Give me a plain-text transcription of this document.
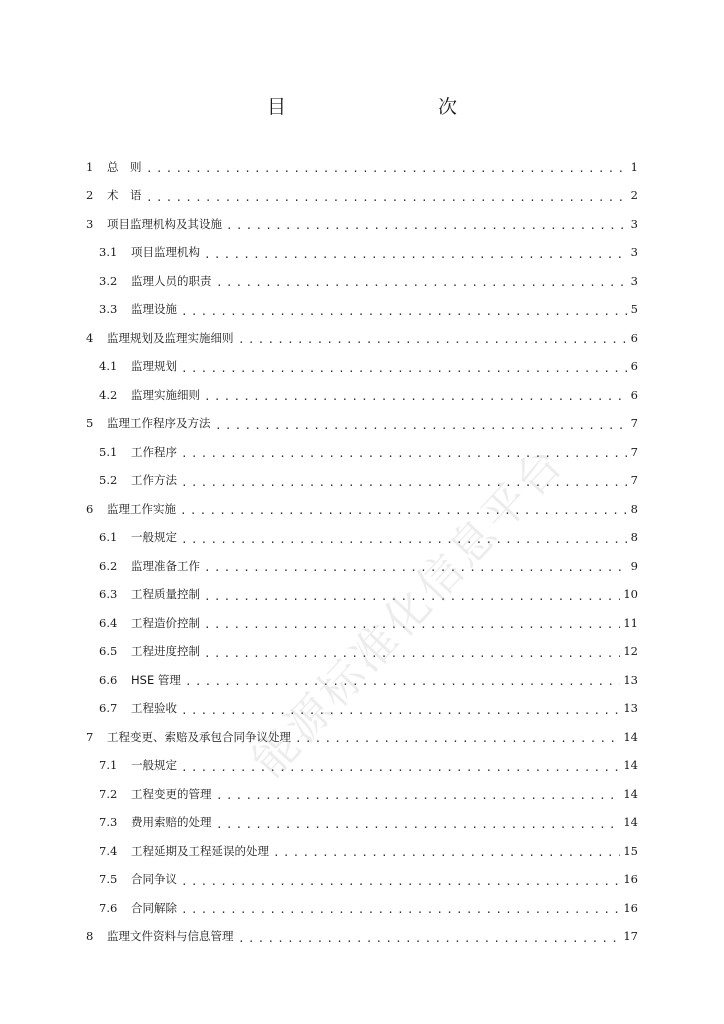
目　　次
1 ..... 总　则	1
2 ..... 术　语	2
3 ..... 项目监理机构及其设施	3
3.1 ..... 项目监理机构	3
3.2 ..... 监理人员的职责	3
3.3 ..... 监理设施	5
4 ..... 监理规划及监理实施细则	6
4.1 ..... 监理规划	6
4.2 ..... 监理实施细则	6
5 ..... 监理工作程序及方法	7
5.1 ..... 工作程序	7
5.2 ..... 工作方法	7
6 ..... 监理工作实施	8
6.1 ..... 一般规定	8
6.2 ..... 监理准备工作	9
6.3 ..... 工程质量控制	10
6.4 ..... 工程造价控制	11
6.5 ..... 工程进度控制	12
6.6 ..... HSE 管理	13
6.7 ..... 工程验收	13
7 ..... 工程变更、索赔及承包合同争议处理	14
7.1 ..... 一般规定	14
7.2 ..... 工程变更的管理	14
7.3 ..... 费用索赔的处理	14
7.4 ..... 工程延期及工程延误的处理	15
7.5 ..... 合同争议	16
7.6 ..... 合同解除	16
8 ..... 监理文件资料与信息管理	17
能源标准化信息平台
